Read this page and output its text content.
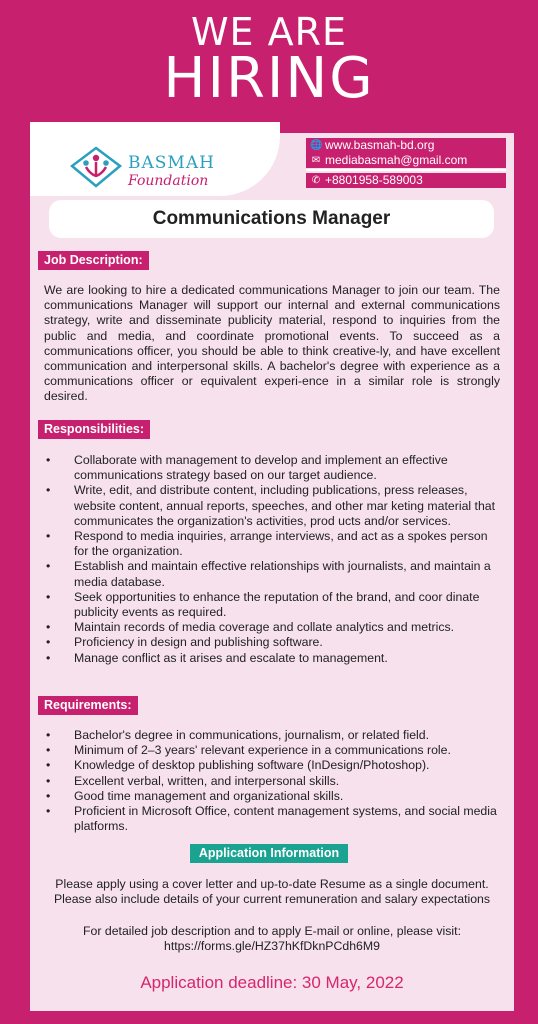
WE ARE
HIRING
BASMAH
Foundation
🌐 www.basmah-bd.org
✉ mediabasmah@gmail.com
✆ +8801958-589003
Communications Manager
Job Description:
We are looking to hire a dedicated communications Manager to join our team. The communications Manager will support our internal and external communications strategy, write and disseminate publicity material, respond to inquiries from the public and media, and coordinate promotional events. To succeed as a communications officer, you should be able to think creative-ly, and have excellent communication and interpersonal skills. A bachelor's degree with experience as a communications officer or equivalent experi-ence in a similar role is strongly desired.
Responsibilities:
• Collaborate with management to develop and implement an effective communications strategy based on our target audience.
• Write, edit, and distribute content, including publications, press releases, website content, annual reports, speeches, and other mar keting material that communicates the organization's activities, prod ucts and/or services.
• Respond to media inquiries, arrange interviews, and act as a spokes person for the organization.
• Establish and maintain effective relationships with journalists, and maintain a media database.
• Seek opportunities to enhance the reputation of the brand, and coor dinate publicity events as required.
• Maintain records of media coverage and collate analytics and metrics.
• Proficiency in design and publishing software.
• Manage conflict as it arises and escalate to management.
Requirements:
• Bachelor's degree in communications, journalism, or related field.
• Minimum of 2–3 years' relevant experience in a communications role.
• Knowledge of desktop publishing software (InDesign/Photoshop).
• Excellent verbal, written, and interpersonal skills.
• Good time management and organizational skills.
• Proficient in Microsoft Office, content management systems, and social media platforms.
Application Information
Please apply using a cover letter and up-to-date Resume as a single document.
Please also include details of your current remuneration and salary expectations
For detailed job description and to apply E-mail or online, please visit:
https://forms.gle/HZ37hKfDknPCdh6M9
Application deadline: 30 May, 2022
